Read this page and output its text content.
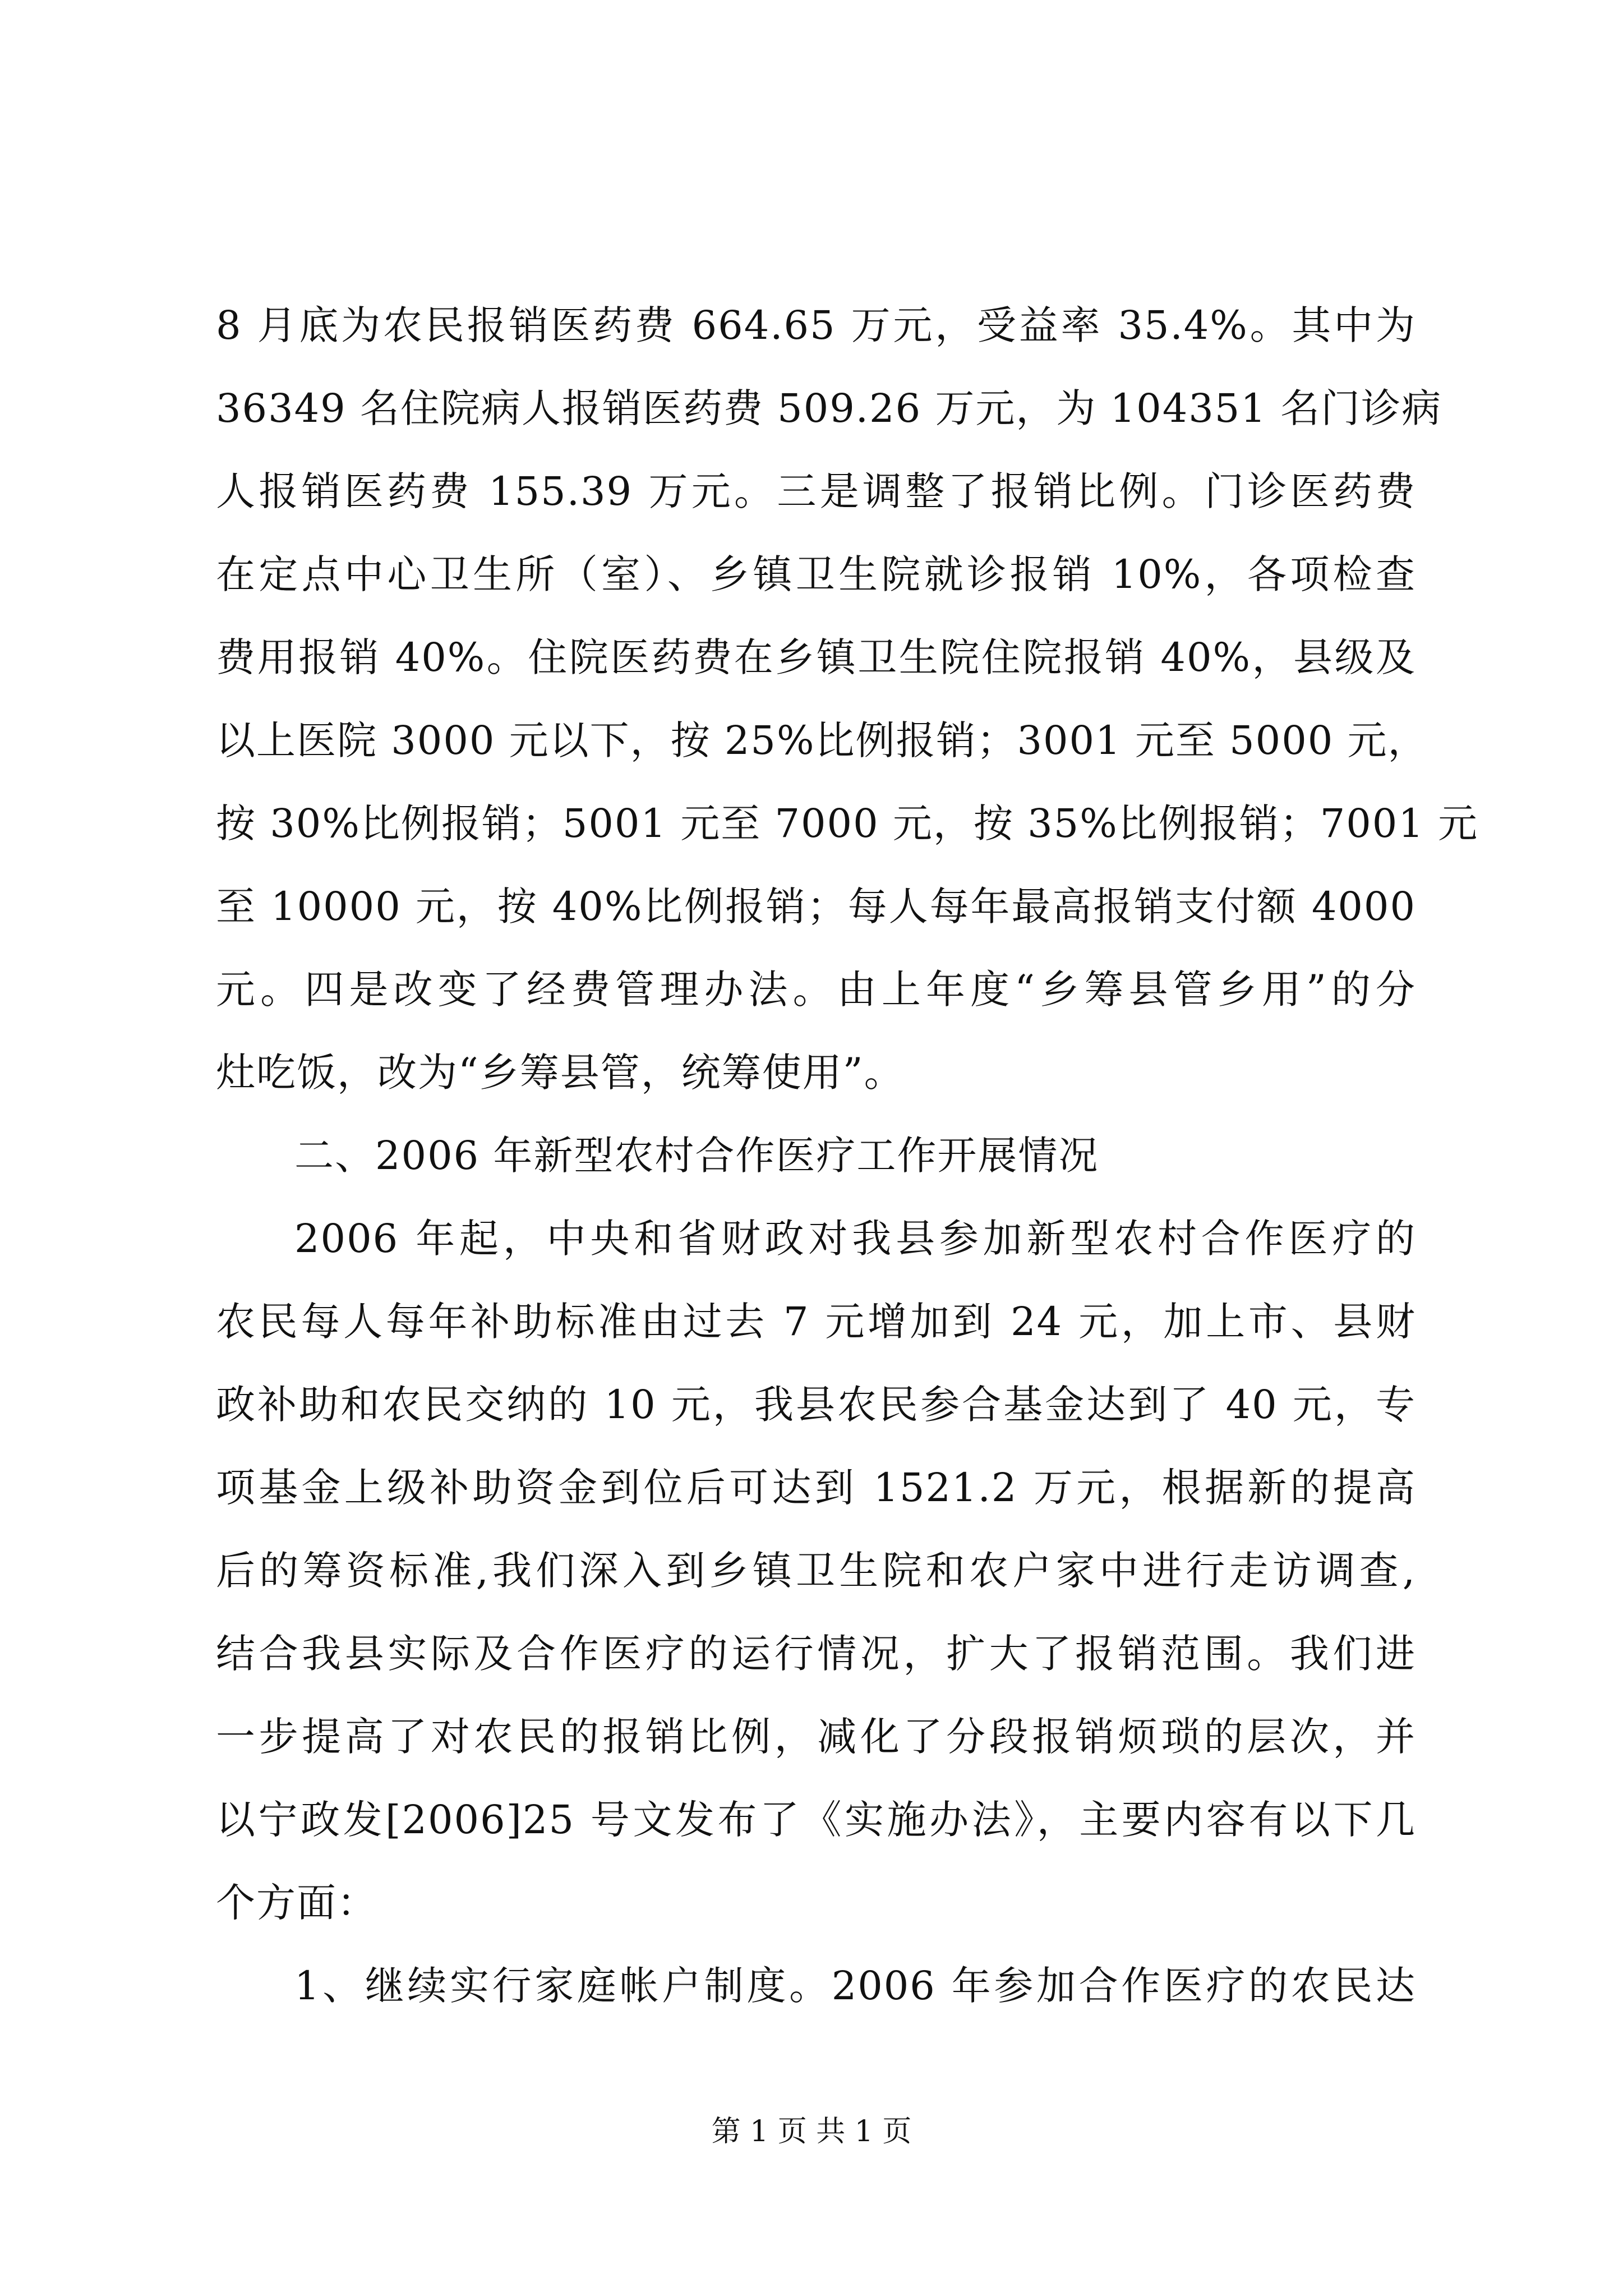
8 月底为农民报销医药费 664.65 万元，受益率 35.4%。其中为
36349 名住院病人报销医药费 509.26 万元，为 104351 名门诊病
人报销医药费 155.39 万元。三是调整了报销比例。门诊医药费
在定点中心卫生所（室）、乡镇卫生院就诊报销 10%，各项检查
费用报销 40%。住院医药费在乡镇卫生院住院报销 40%，县级及
以上医院 3000 元以下，按 25%比例报销；3001 元至 5000 元，
按 30%比例报销；5001 元至 7000 元，按 35%比例报销；7001 元
至 10000 元，按 40%比例报销；每人每年最高报销支付额 4000
元。四是改变了经费管理办法。由上年度“乡筹县管乡用”的分
灶吃饭，改为“乡筹县管，统筹使用”。
二、2006 年新型农村合作医疗工作开展情况
2006 年起，中央和省财政对我县参加新型农村合作医疗的
农民每人每年补助标准由过去 7 元增加到 24 元，加上市、县财
政补助和农民交纳的 10 元，我县农民参合基金达到了 40 元，专
项基金上级补助资金到位后可达到 1521.2 万元，根据新的提高
后的筹资标准,我们深入到乡镇卫生院和农户家中进行走访调查,
结合我县实际及合作医疗的运行情况，扩大了报销范围。我们进
一步提高了对农民的报销比例，减化了分段报销烦琐的层次，并
以宁政发[2006]25 号文发布了《实施办法》，主要内容有以下几
个方面：
1、继续实行家庭帐户制度。2006 年参加合作医疗的农民达
第 1 页 共 1 页
